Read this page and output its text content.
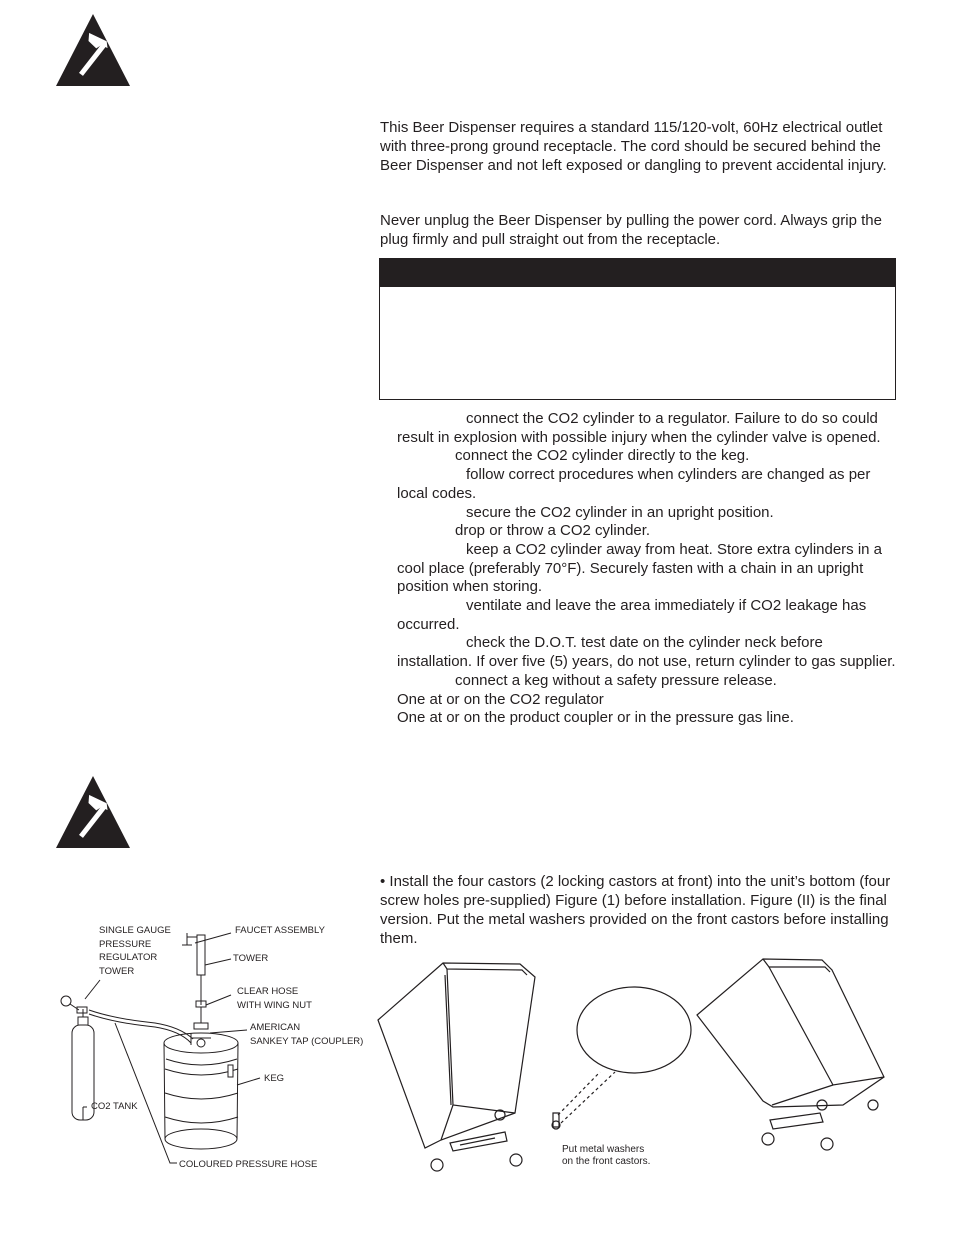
This Beer Dispenser requires a standard 115/120-volt, 60Hz electrical outlet with three-prong ground receptacle. The cord should be secured behind the Beer Dispenser and not left exposed or dangling to prevent accidental injury.

Never unplug the Beer Dispenser by pulling the power cord. Always grip the plug firmly and pull straight out from the receptacle.

connect the CO2 cylinder to a regulator. Failure to do so could result in explosion with possible injury when the cylinder valve is opened.
connect the CO2 cylinder directly to the keg.
follow correct procedures when cylinders are changed as per local codes.
secure the CO2 cylinder in an upright position.
drop or throw a CO2 cylinder.
keep a CO2 cylinder away from heat. Store extra cylinders in a cool place (preferably 70°F). Securely fasten with a chain in an upright position when storing.
ventilate and leave the area immediately if CO2 leakage has occurred.
check the D.O.T. test date on the cylinder neck before installation. If over five (5) years, do not use, return cylinder to gas supplier.
connect a keg without a safety pressure release.
One at or on the CO2 regulator
One at or on the product coupler or in the pressure gas line.

• Install the four castors (2 locking castors at front) into the unit’s bottom (four screw holes pre-supplied) Figure (1) before installation. Figure (II) is the final version. Put the metal washers provided on the front castors before installing them.

SINGLE GAUGE
PRESSURE
REGULATOR
TOWER
FAUCET ASSEMBLY
TOWER
CLEAR HOSE
WITH WING NUT
AMERICAN
SANKEY TAP (COUPLER)
KEG
CO2 TANK
COLOURED PRESSURE HOSE
Put metal washers
on the front castors.
